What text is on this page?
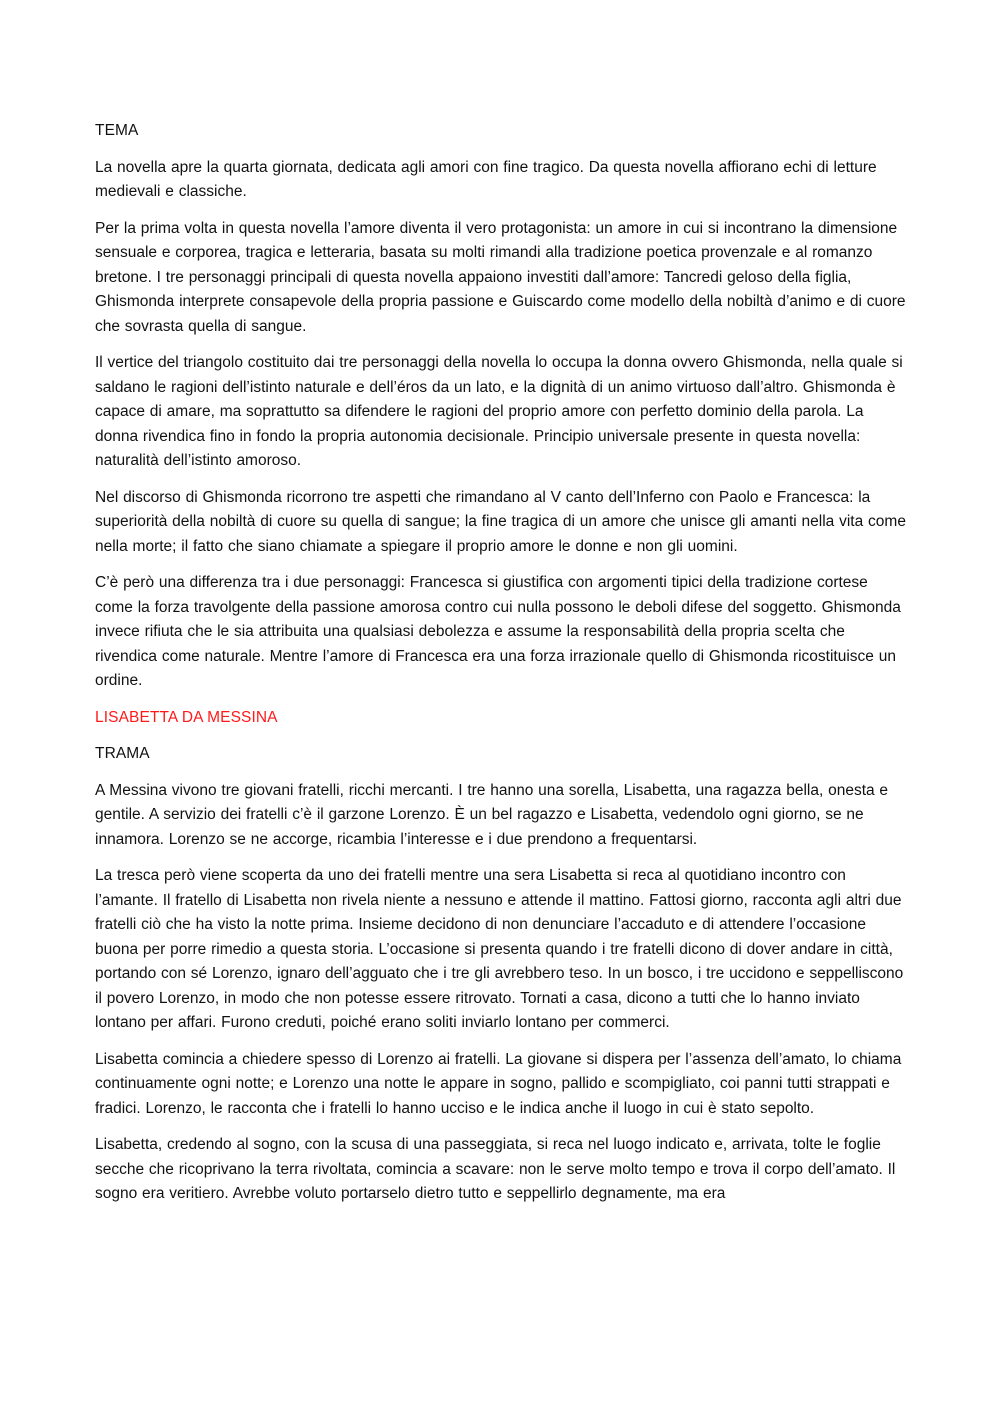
TEMA

La novella apre la quarta giornata, dedicata agli amori con fine tragico. Da questa novella affiorano echi di letture medievali e classiche.

Per la prima volta in questa novella l’amore diventa il vero protagonista: un amore in cui si incontrano la dimensione sensuale e corporea, tragica e letteraria, basata su molti rimandi alla tradizione poetica provenzale e al romanzo bretone. I tre personaggi principali di questa novella appaiono investiti dall’amore: Tancredi geloso della figlia, Ghismonda interprete consapevole della propria passione e Guiscardo come modello della nobiltà d’animo e di cuore che sovrasta quella di sangue.

Il vertice del triangolo costituito dai tre personaggi della novella lo occupa la donna ovvero Ghismonda, nella quale si saldano le ragioni dell’istinto naturale e dell’éros da un lato, e la dignità di un animo virtuoso dall’altro. Ghismonda è capace di amare, ma soprattutto sa difendere le ragioni del proprio amore con perfetto dominio della parola. La donna rivendica fino in fondo la propria autonomia decisionale. Principio universale presente in questa novella: naturalità dell’istinto amoroso.

Nel discorso di Ghismonda ricorrono tre aspetti che rimandano al V canto dell’Inferno con Paolo e Francesca: la superiorità della nobiltà di cuore su quella di sangue; la fine tragica di un amore che unisce gli amanti nella vita come nella morte; il fatto che siano chiamate a spiegare il proprio amore le donne e non gli uomini.

C’è però una differenza tra i due personaggi: Francesca si giustifica con argomenti tipici della tradizione cortese come la forza travolgente della passione amorosa contro cui nulla possono le deboli difese del soggetto. Ghismonda invece rifiuta che le sia attribuita una qualsiasi debolezza e assume la responsabilità della propria scelta che rivendica come naturale. Mentre l’amore di Francesca era una forza irrazionale quello di Ghismonda ricostituisce un ordine.

LISABETTA DA MESSINA

TRAMA

A Messina vivono tre giovani fratelli, ricchi mercanti. I tre hanno una sorella, Lisabetta, una ragazza bella, onesta e gentile. A servizio dei fratelli c’è il garzone Lorenzo. È un bel ragazzo e Lisabetta, vedendolo ogni giorno, se ne innamora. Lorenzo se ne accorge, ricambia l’interesse e i due prendono a frequentarsi.

La tresca però viene scoperta da uno dei fratelli mentre una sera Lisabetta si reca al quotidiano incontro con l’amante. Il fratello di Lisabetta non rivela niente a nessuno e attende il mattino. Fattosi giorno, racconta agli altri due fratelli ciò che ha visto la notte prima. Insieme decidono di non denunciare l’accaduto e di attendere l’occasione buona per porre rimedio a questa storia. L’occasione si presenta quando i tre fratelli dicono di dover andare in città, portando con sé Lorenzo, ignaro dell’agguato che i tre gli avrebbero teso. In un bosco, i tre uccidono e seppelliscono il povero Lorenzo, in modo che non potesse essere ritrovato. Tornati a casa, dicono a tutti che lo hanno inviato lontano per affari. Furono creduti, poiché erano soliti inviarlo lontano per commerci.

Lisabetta comincia a chiedere spesso di Lorenzo ai fratelli. La giovane si dispera per l’assenza dell’amato, lo chiama continuamente ogni notte; e Lorenzo una notte le appare in sogno, pallido e scompigliato, coi panni tutti strappati e fradici. Lorenzo, le racconta che i fratelli lo hanno ucciso e le indica anche il luogo in cui è stato sepolto.

Lisabetta, credendo al sogno, con la scusa di una passeggiata, si reca nel luogo indicato e, arrivata, tolte le foglie secche che ricoprivano la terra rivoltata, comincia a scavare: non le serve molto tempo e trova il corpo dell’amato. Il sogno era veritiero. Avrebbe voluto portarselo dietro tutto e seppellirlo degnamente, ma era
